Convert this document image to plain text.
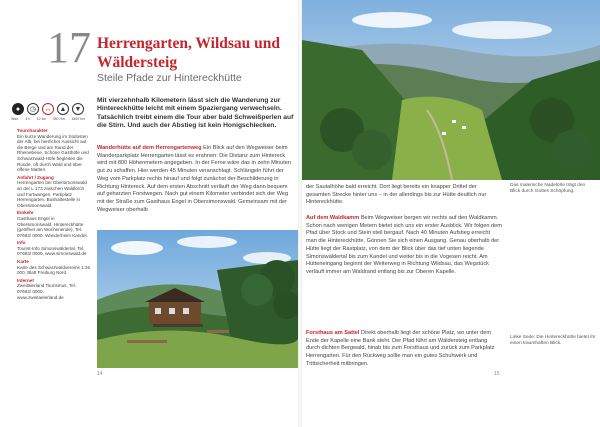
17 Herrengarten, Wildsau und Wäldersteig
Steile Pfade zur Hintereckhütte
●	◷	↔	▲	▼
Wan. 4 h 12 km 350 Hm 1800 hm
Tourcharakter

Ein kurze Wanderung im Südosten der Alb, bei herrlicher Aussicht auf die Berge und am Rand der Rheinebene. Schöne Gasthöfe und Schwarzwald-Höfe begleiten die Runde, oft durch Wald und über offene Matten.

Anfahrt / Zugang

Herrengarten bei Obersimonswald an der L 173 zwischen Waldkirch und Furtwangen. Parkplatz Herrengarten, Bushaltestelle in Obersimonswald.

Einkehr

Gasthaus Engel in Obersimonswald, Hintereckhütte (geöffnet am Wochenende), Tel. 07683/ 0000. Wanderheim Kandel.

Info

Tourist-Info Simonswäldertal, Tel. 07683/ 0000, www.simonswald.de

Karte

Karte des Schwarzwaldvereins 1:35 000, Blatt Freiburg Nord.

Internet

Zweitälerland Tourismus, Tel. 07683/ 0000, www.zweitaelerland.de

Mit vierzehnhalb Kilometern lässt sich die Wanderung zur Hintereckhütte leicht mit einem Spaziergang verwechseln. Tatsächlich treibt einem die Tour aber bald Schweißperlen auf die Stirn. Und auch der Abstieg ist kein Honigschlecken.
Wanderhütte auf dem Herrengartenweg Ein Blick auf den Wegweiser beim Wanderparkplatz Herrengarten lässt es erahnen: Die Distanz zum Hintereck wird mit 800 Höhenmetern angegeben. In der Ferne wäre das in zehn Minuten gut zu schaffen. Hier werden 45 Minuten veranschlagt. Schlängeln führt der Weg vom Parkplatz rechts hinauf und folgt zunächst der Beschilderung in Richtung Hintereck. Auf dem ersten Abschnitt verläuft der Weg dann bequem auf geharzten Forstwegen. Nach gut einem Kilometer verbindet sich der Weg mit der Straße zum Gasthaus Engel in Obersimonswald. Gemeinsam mit der Wegweiser oberhalb
14
Das malerische Nadelörle trägt den Blick durch Gottes Schöpfung.
der Sautalhöhe bald erreicht. Dort liegt bereits ein knapper Drittel der gesamten Strecke hinter uns – in der allerdings bis zur Hütte deutlich nur Hintereckhütte.
Auf dem Waldkamm Beim Wegweiser bergen wir rechts auf den Waldkamm. Schon nach wenigen Metern bietet sich uns ein erster Ausblick. Wir folgen dem Pfad über Stock und Stein steil bergauf. Nach 40 Minuten Aufstieg erreicht man die Hintereckhütte. Gönnen Sie sich einen Ausgang. Genau oberhalb der Hütte liegt der Rastplatz, von dem der Blick über das tief unten liegende Simonswäldertal bis zum Kandel und weiter bis in die Vogesen reicht. Am Hütteneingang beginnt der Weiterweg in Richtung Wildsau, das Wegstück verläuft immer am Waldrand entlang bis zur Oberen Kapelle.
Forsthaus am Sattel Direkt oberhalb liegt der schöne Platz, wo unter dem Ende der Kapelle eine Bank steht. Der Pfad führt am Wäldersteig entlang durch dichten Bergwald, hinab bis zum Forsthaus und zurück zum Parkplatz Herrengarten. Für den Rückweg sollte man ein gutes Schuhwerk und Trittsicherheit mitbringen.
Linke Seite: Die Hintereckhütte bietet ihr einen traumhaften Blick.
15
